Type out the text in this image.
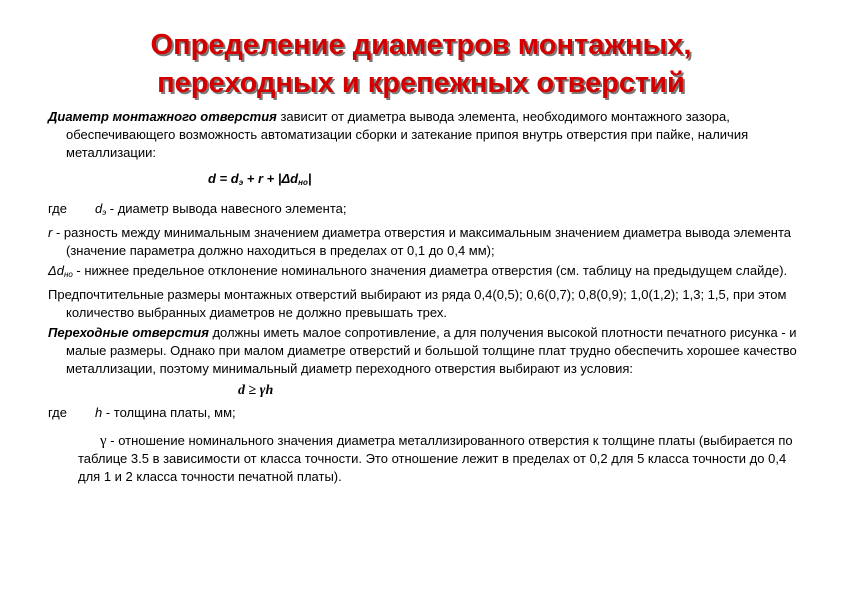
Определение диаметров монтажных,
переходных и крепежных отверстий

Диаметр монтажного отверстия зависит от диаметра вывода элемента, необходимого монтажного зазора, обеспечивающего возможность автоматизации сборки и затекание припоя внутрь отверстия при пайке, наличия металлизации:

$d = d_э + r + |\Delta d_{но}|$

где dэ - диаметр вывода навесного элемента;

r - разность между минимальным значением диаметра отверстия и максимальным значением диаметра вывода элемента (значение параметра должно находиться в пределах от 0,1 до 0,4 мм);

Δdно - нижнее предельное отклонение номинального значения диаметра отверстия (см. таблицу на предыдущем слайде).

Предпочтительные размеры монтажных отверстий выбирают из ряда 0,4(0,5); 0,6(0,7); 0,8(0,9); 1,0(1,2); 1,3; 1,5, при этом количество выбранных диаметров не должно превышать трех.

Переходные отверстия должны иметь малое сопротивление, а для получения высокой плотности печатного рисунка - и малые размеры. Однако при малом диаметре отверстий и большой толщине плат трудно обеспечить хорошее качество металлизации, поэтому минимальный диаметр переходного отверстия выбирают из условия:

d ≥ γh

где h - толщина платы, мм;

γ - отношение номинального значения диаметра металлизированного отверстия к толщине платы (выбирается по таблице 3.5 в зависимости от класса точности. Это отношение лежит в пределах от 0,2 для 5 класса точности до 0,4 для 1 и 2 класса точности печатной платы).
